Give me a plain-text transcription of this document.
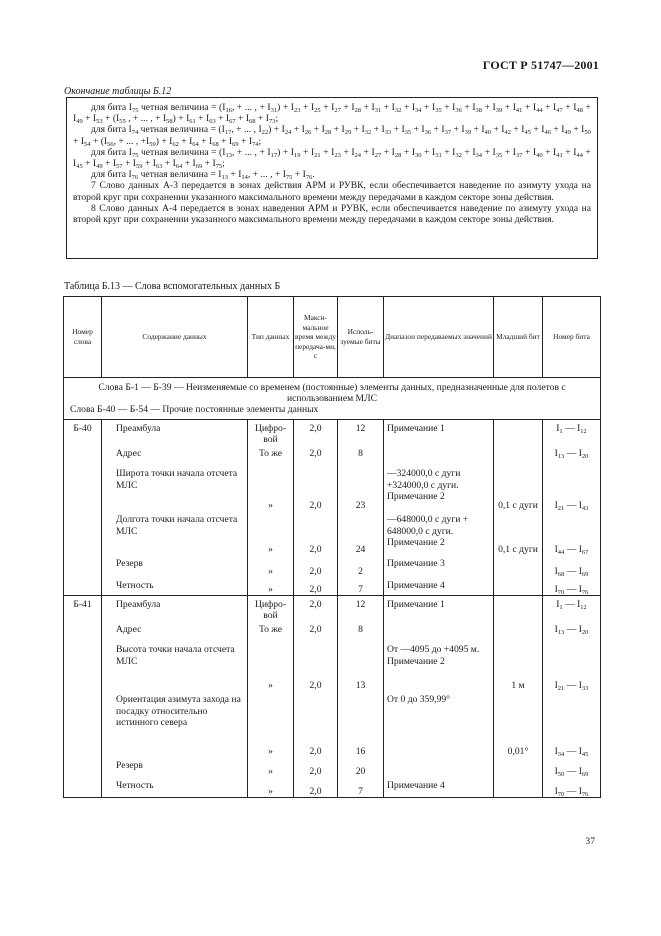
ГОСТ Р 51747—2001
Окончание таблицы Б.12

для бита $I_{75}$ четная величина = ($I_{16}$, + ... , + $I_{31}) + I_{23} + I_{25} + I_{27} + I_{28} + I_{31} + I_{32} + I_{34} + I_{35} + I_{36} + I_{38} + I_{39} + I_{41} + I_{44} + I_{47} + I_{48} + I_{49} + I_{53} + (I_{55}$ , + ... , + $I_{58}) + I_{61} + I_{63} + I_{67} + I_{68} + I_{73}$;

для бита $I_{74}$ четная величина = ($I_{17}$, + ... , $I_{22}) + I_{24} + I_{26} + I_{28} + I_{29} + I_{32} + I_{33} + I_{35} + I_{36} + I_{37} + I_{39} + I_{40} + I_{42} + I_{45} + I_{46} + I_{49} + I_{50} + I_{54} + (I_{56}$, + ... , $+I_{59}) + I_{62} + I_{64} + I_{68} + I_{69} + I_{74}$;

для бита $I_{75}$ четная величина = ($I_{13}$, + ... , + $I_{17}) + I_{19} + I_{21} + I_{23} + I_{24} + I_{27} + I_{28} + I_{30} + I_{31} + I_{32} + I_{34} + I_{35} + I_{37} + I_{40} + I_{41} + I_{44} + I_{45} + I_{49} + I_{57} + I_{59} + I_{63} + I_{64} + I_{69} + I_{75}$;

для бита $I_{76}$ четная величина = $I_{13} + I_{14}$, + ... , + $I_{75} + I_{76}$.

7 Слово данных А-3 передается в зонах действия АРМ и РУВК, если обеспечивается наведение по азимуту ухода на второй круг при сохранении указанного максимального времени между передачами в каждом секторе зоны действия.

8 Слово данных А-4 передается в зонах наведения АРМ и РУВК, если обеспечивается наведение по азимуту ухода на второй круг при сохранении указанного максимального времени между передачами в каждом секторе зоны действия.

Таблица Б.13 — Слова вспомогательных данных Б
Номер слова	Содержание данных	Тип данных	Макси-мальное время между передача-ми, с	Исполь-зуемые биты	Диапазон передаваемых значений	Младший бит	Номер бита

Слова Б-1 — Б-39 — Неизменяемые со временем (постоянные) элементы данных, предназначенные для полетов с использованием МЛС
Слова Б-40 — Б-54 — Прочие постоянные элементы данных							

Б-40	Преамбула	Цифро-вой	2,0	12	Примечание 1		$I_1$ — $I_{12}$
	Адрес	То же	2,0	8			$I_{13}$ — $I_{20}$
	Широта точки начала отсчета МЛС	»	2,0	23	—324000,0 с дуги +324000,0 с дуги. Примечание 2	0,1 с дуги	$I_{21}$ — $I_{43}$
	Долгота точки начала отсчета МЛС	»	2,0	24	—648000,0 с дуги + 648000,0 с дуги. Примечание 2	0,1 с дуги	$I_{44}$ — $I_{67}$
	Резерв	»	2,0	2	Примечание 3		$I_{68}$ — $I_{69}$
	Четность	»	2,0	7	Примечание 4		$I_{70}$ — $I_{76}$
Б-41	Преамбула	Цифро-вой	2,0	12	Примечание 1		$I_1$ — $I_{12}$
	Адрес	То же	2,0	8			$I_{13}$ — $I_{20}$
	Высота точки начала отсчета МЛС	»	2,0	13	От —4095 до +4095 м. Примечание 2	1 м	$I_{21}$ — $I_{33}$
	Ориентация азимута захода на посадку относительно истинного севера	»	2,0	16	От 0 до 359,99°	0,01°	$I_{34}$ — $I_{45}$
	Резерв	»	2,0	20			$I_{50}$ — $I_{69}$
	Четность	»	2,0	7	Примечание 4		$I_{70}$ — $I_{76}$
37
